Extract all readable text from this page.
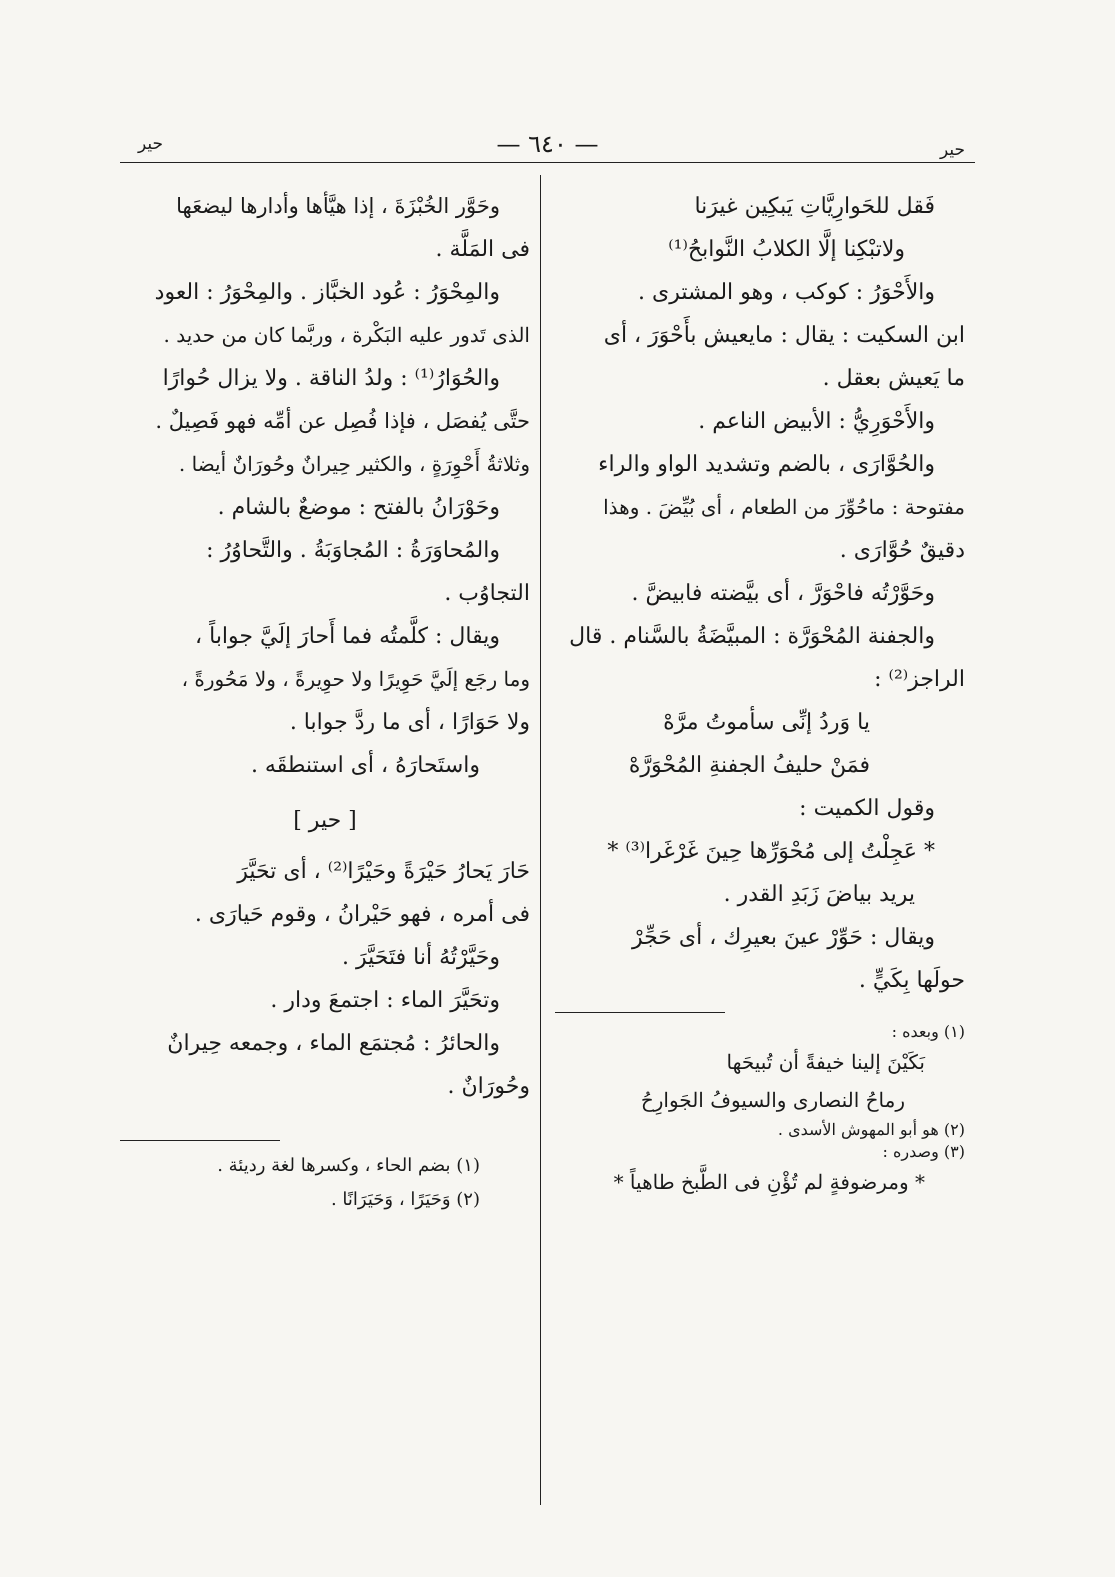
حير	— ٦٤٠ —	حير
فَقل للحَوارِيَّاتِ يَبكِين غيرَنا
ولاتبْكِنا إلَّا الكلابُ النَّوابحُ⁽¹⁾
والأَحْوَرُ : كوكب ، وهو المشترى .
ابن السكيت : يقال : مايعيش بأَحْوَرَ ، أى
ما يَعيش بعقل .
والأَحْوَرِيُّ : الأبيض الناعم .
والحُوَّارَى ، بالضم وتشديد الواو والراء
مفتوحة : ماحُوِّرَ من الطعام ، أى بُيِّضَ . وهذا
دقيقٌ حُوَّارَى .
وحَوَّرْتُه فاحْوَرَّ ، أى بيَّضته فابيضَّ .
والجفنة المُحْوَرَّة : المبيَّضَةُ بالسَّنام . قال
الراجز⁽²⁾ :
يا وَردُ إنِّى سأموتُ مرَّهْ
فمَنْ حليفُ الجفنةِ المُحْوَرَّهْ
وقول الكميت :
* عَجِلْتُ إلى مُحْوَرِّها حِينَ غَرْغَرا⁽³⁾ *
يريد بياضَ زَبَدِ القدر .
ويقال : حَوِّرْ عينَ بعيرِك ، أى حَجِّرْ
حولَها بِكَيٍّ .
(١) وبعده :
بَكَيْنَ إلينا خيفةً أن تُبيحَها
رماحُ النصارى والسيوفُ الجَوارِحُ
(٢) هو أبو المهوش الأسدى .
(٣) وصدره :
* ومرضوفةٍ لم تُؤْنِ فى الطَّبخ طاهياً *
وحَوَّر الخُبْزَةَ ، إذا هيَّأها وأدارها ليضعَها
فى المَلَّة .
والمِحْوَرُ : عُود الخبَّاز . والمِحْوَرُ : العود
الذى تَدور عليه البَكْرة ، وربَّما كان من حديد .
والحُوَارُ⁽¹⁾ : ولدُ الناقة . ولا يزال حُوارًا
حتَّى يُفصَل ، فإذا فُصِل عن أمِّه فهو فَصِيلٌ .
وثلاثةُ أَحْوِرَةٍ ، والكثير حِيرانٌ وحُورَانٌ أيضا .
وحَوْرَانُ بالفتح : موضعٌ بالشام .
والمُحاوَرَةُ : المُجاوَبَةُ . والتَّحاوُرُ :
التجاوُب .
ويقال : كلَّمتُه فما أَحارَ إلَيَّ جواباً ،
وما رجَع إلَيَّ حَوِيرًا ولا حوِيرةً ، ولا مَحُورةً ،
ولا حَوَارًا ، أى ما ردَّ جوابا .
واستَحارَهُ ، أى استنطقَه .
[ حير ]
حَارَ يَحارُ حَيْرَةً وحَيْرًا⁽²⁾ ، أى تحَيَّرَ
فى أمره ، فهو حَيْرانُ ، وقوم حَيارَى .
وحَيَّرْتُهُ أنا فتَحَيَّرَ .
وتحَيَّرَ الماء : اجتمعَ ودار .
والحائرُ : مُجتمَع الماء ، وجمعه حِيرانٌ
وحُورَانٌ .
(١) بضم الحاء ، وكسرها لغة رديئة .
(٢) وَحَيَرًا ، وَحَيَرَانًا .
